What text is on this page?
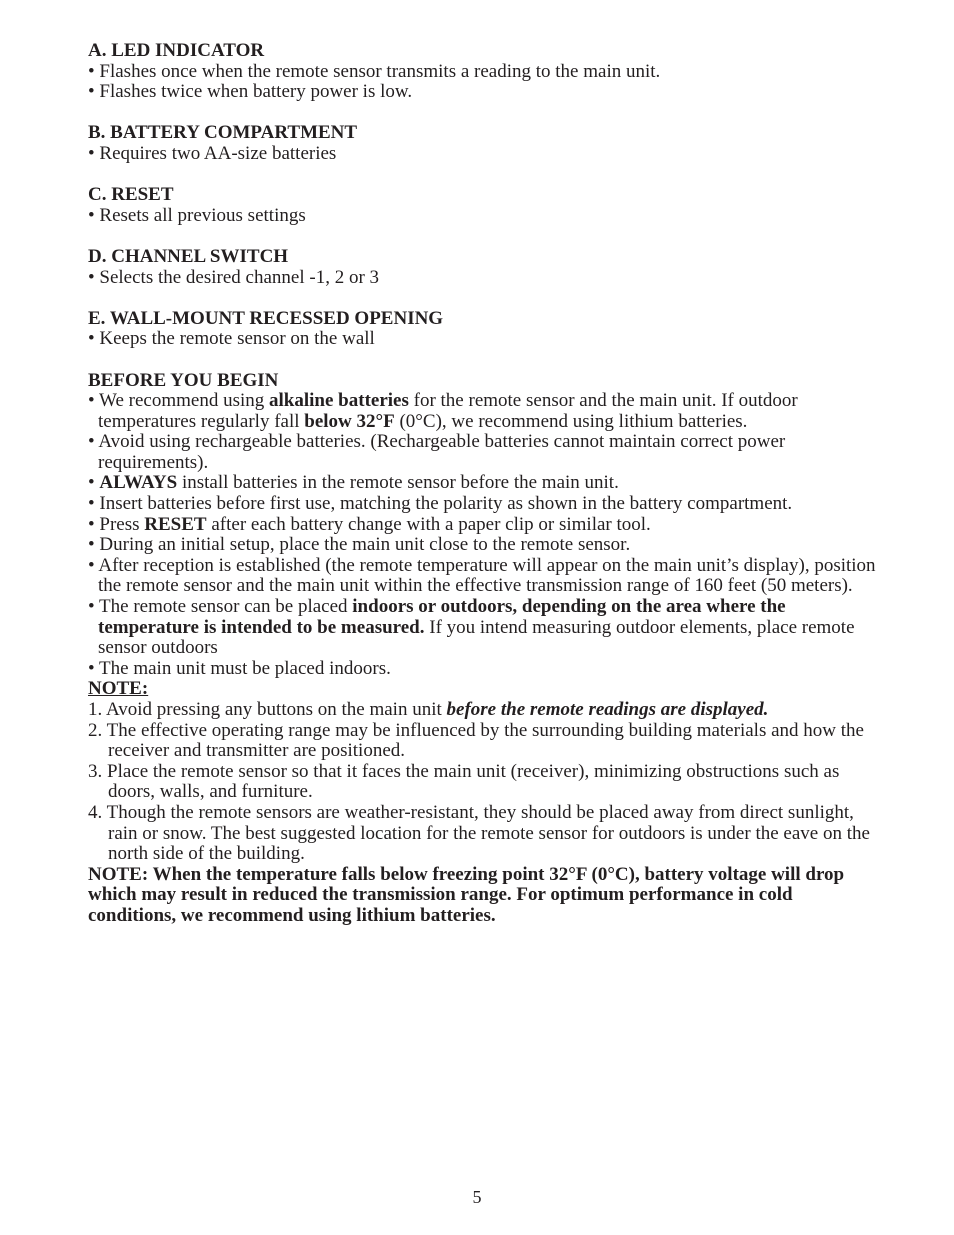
A. LED INDICATOR
• Flashes once when the remote sensor transmits a reading to the main unit.
• Flashes twice when battery power is low.
B. BATTERY COMPARTMENT
• Requires two AA-size batteries
C. RESET
• Resets all previous settings
D. CHANNEL SWITCH
• Selects the desired channel -1, 2 or 3
E. WALL-MOUNT RECESSED OPENING
• Keeps the remote sensor on the wall
BEFORE YOU BEGIN
• We recommend using alkaline batteries for the remote sensor and the main unit. If outdoor temperatures regularly fall below 32°F (0°C), we recommend using lithium batteries.
• Avoid using rechargeable batteries. (Rechargeable batteries cannot maintain correct power requirements).
• ALWAYS install batteries in the remote sensor before the main unit.
• Insert batteries before first use, matching the polarity as shown in the battery compartment.
• Press RESET after each battery change with a paper clip or similar tool.
• During an initial setup, place the main unit close to the remote sensor.
• After reception is established (the remote temperature will appear on the main unit’s display), position the remote sensor and the main unit within the effective transmission range of 160 feet (50 meters).
• The remote sensor can be placed indoors or outdoors, depending on the area where the temperature is intended to be measured. If you intend measuring outdoor elements, place remote sensor outdoors
• The main unit must be placed indoors.
NOTE:
1. Avoid pressing any buttons on the main unit before the remote readings are displayed.
2. The effective operating range may be influenced by the surrounding building materials and how the receiver and transmitter are positioned.
3. Place the remote sensor so that it faces the main unit (receiver), minimizing obstructions such as doors, walls, and furniture.
4. Though the remote sensors are weather-resistant, they should be placed away from direct sunlight, rain or snow. The best suggested location for the remote sensor for outdoors is under the eave on the north side of the building.
NOTE: When the temperature falls below freezing point 32°F (0°C), battery voltage will drop which may result in reduced the transmission range. For optimum performance in cold conditions, we recommend using lithium batteries.
5
